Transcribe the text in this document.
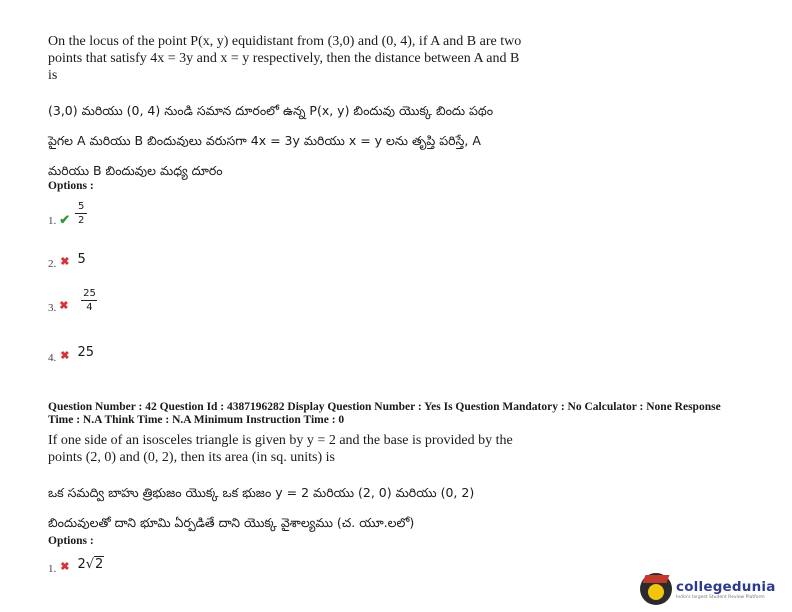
On the locus of the point P(x, y) equidistant from (3,0) and (0, 4), if A and B are two
points that satisfy 4x = 3y and x = y respectively, then the distance between A and B
is
(3,0) మరియు (0, 4) నుండి సమాన దూరంలో ఉన్న P(x, y) బిందువు యొక్క బిందు పథం
పైగల A మరియు B బిందువులు వరుసగా 4x = 3y మరియు x = y లను తృప్తి పరిస్తే, A
మరియు B బిందువుల మధ్య దూరం
Options :
1. ✔ $\frac{5}{2}$
2. ✖ 5
3. ✖ $\frac{25}{4}$
4. ✖ 25
Question Number : 42 Question Id : 4387196282 Display Question Number : Yes Is Question Mandatory : No Calculator : None Response
Time : N.A Think Time : N.A Minimum Instruction Time : 0
If one side of an isosceles triangle is given by y = 2 and the base is provided by the
points (2, 0) and (0, 2), then its area (in sq. units) is
ఒక సమద్వి బాహు త్రిభుజం యొక్క ఒక భుజం y = 2 మరియు (2, 0) మరియు (0, 2)
బిందువులతో దాని భూమి ఏర్పడితే దాని యొక్క వైశాల్యము (చ. యూ.లలో)
Options :
1. ✖ 2 √ 2
collegedunia
India's largest Student Review Platform
